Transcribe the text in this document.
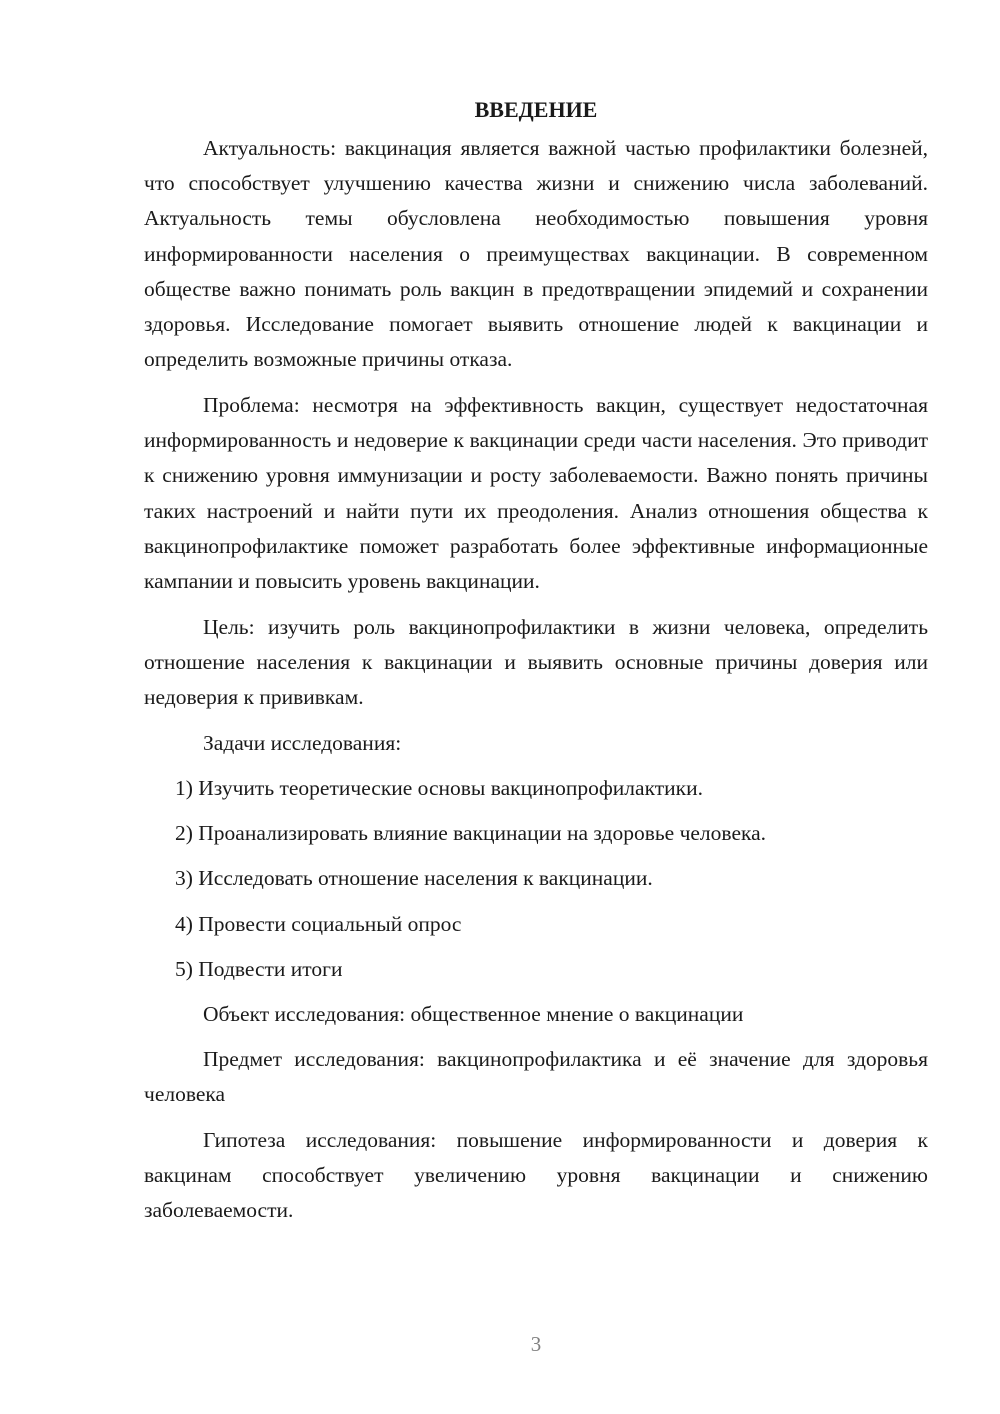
ВВЕДЕНИЕ

Актуальность: вакцинация является важной частью профилактики болезней, что способствует улучшению качества жизни и снижению числа заболеваний. Актуальность темы обусловлена необходимостью повышения уровня информированности населения о преимуществах вакцинации. В современном обществе важно понимать роль вакцин в предотвращении эпидемий и сохранении здоровья. Исследование помогает выявить отношение людей к вакцинации и определить возможные причины отказа.

Проблема: несмотря на эффективность вакцин, существует недостаточная информированность и недоверие к вакцинации среди части населения. Это приводит к снижению уровня иммунизации и росту заболеваемости. Важно понять причины таких настроений и найти пути их преодоления. Анализ отношения общества к вакцинопрофилактике поможет разработать более эффективные информационные кампании и повысить уровень вакцинации.

Цель: изучить роль вакцинопрофилактики в жизни человека, определить отношение населения к вакцинации и выявить основные причины доверия или недоверия к прививкам.

Задачи исследования:
1) Изучить теоретические основы вакцинопрофилактики.
2) Проанализировать влияние вакцинации на здоровье человека.
3) Исследовать отношение населения к вакцинации.
4) Провести социальный опрос
5) Подвести итоги
Объект исследования: общественное мнение о вакцинации

Предмет исследования: вакцинопрофилактика и её значение для здоровья человека

Гипотеза исследования: повышение информированности и доверия к вакцинам способствует увеличению уровня вакцинации и снижению заболеваемости.

3
